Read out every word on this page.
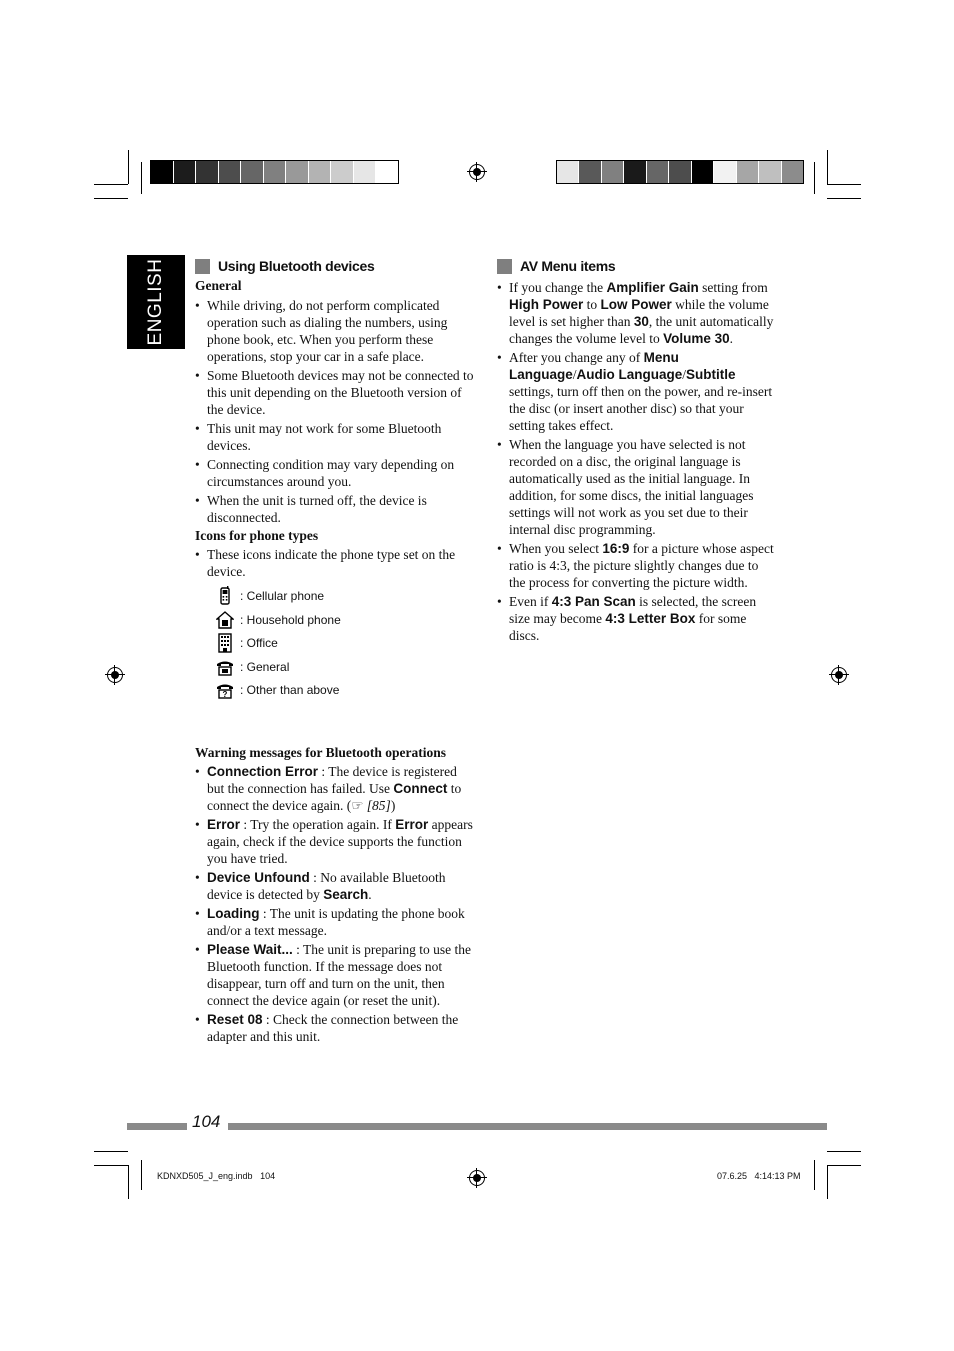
ENGLISH	Using Bluetooth devices
General
• While driving, do not perform complicated operation such as dialing the numbers, using phone book, etc. When you perform these operations, stop your car in a safe place.
• Some Bluetooth devices may not be connected to this unit depending on the Bluetooth version of the device.
• This unit may not work for some Bluetooth devices.
• Connecting condition may vary depending on circumstances around you.
• When the unit is turned off, the device is disconnected.
Icons for phone types
• These icons indicate the phone type set on the device.
: Cellular phone
: Household phone
: Office
: General
? : Other than above
Warning messages for Bluetooth operations
• Connection Error : The device is registered but the connection has failed. Use Connect to connect the device again. (☞ [85])
• Error : Try the operation again. If Error appears again, check if the device supports the function you have tried.
• Device Unfound : No available Bluetooth device is detected by Search.
• Loading : The unit is updating the phone book and/or a text message.
• Please Wait... : The unit is preparing to use the Bluetooth function. If the message does not disappear, turn off and turn on the unit, then connect the device again (or reset the unit).
• Reset 08 : Check the connection between the adapter and this unit.
AV Menu items
• If you change the Amplifier Gain setting from High Power to Low Power while the volume level is set higher than 30, the unit automatically changes the volume level to Volume 30.
• After you change any of Menu Language/Audio Language/Subtitle settings, turn off then on the power, and re-insert the disc (or insert another disc) so that your setting takes effect.
• When the language you have selected is not recorded on a disc, the original language is automatically used as the initial language. In addition, for some discs, the initial languages settings will not work as you set due to their internal disc programming.
• When you select 16:9 for a picture whose aspect ratio is 4:3, the picture slightly changes due to the process for converting the picture width.
• Even if 4:3 Pan Scan is selected, the screen size may become 4:3 Letter Box for some discs.
104
KDNXD505_J_eng.indb   104	07.6.25   4:14:13 PM
